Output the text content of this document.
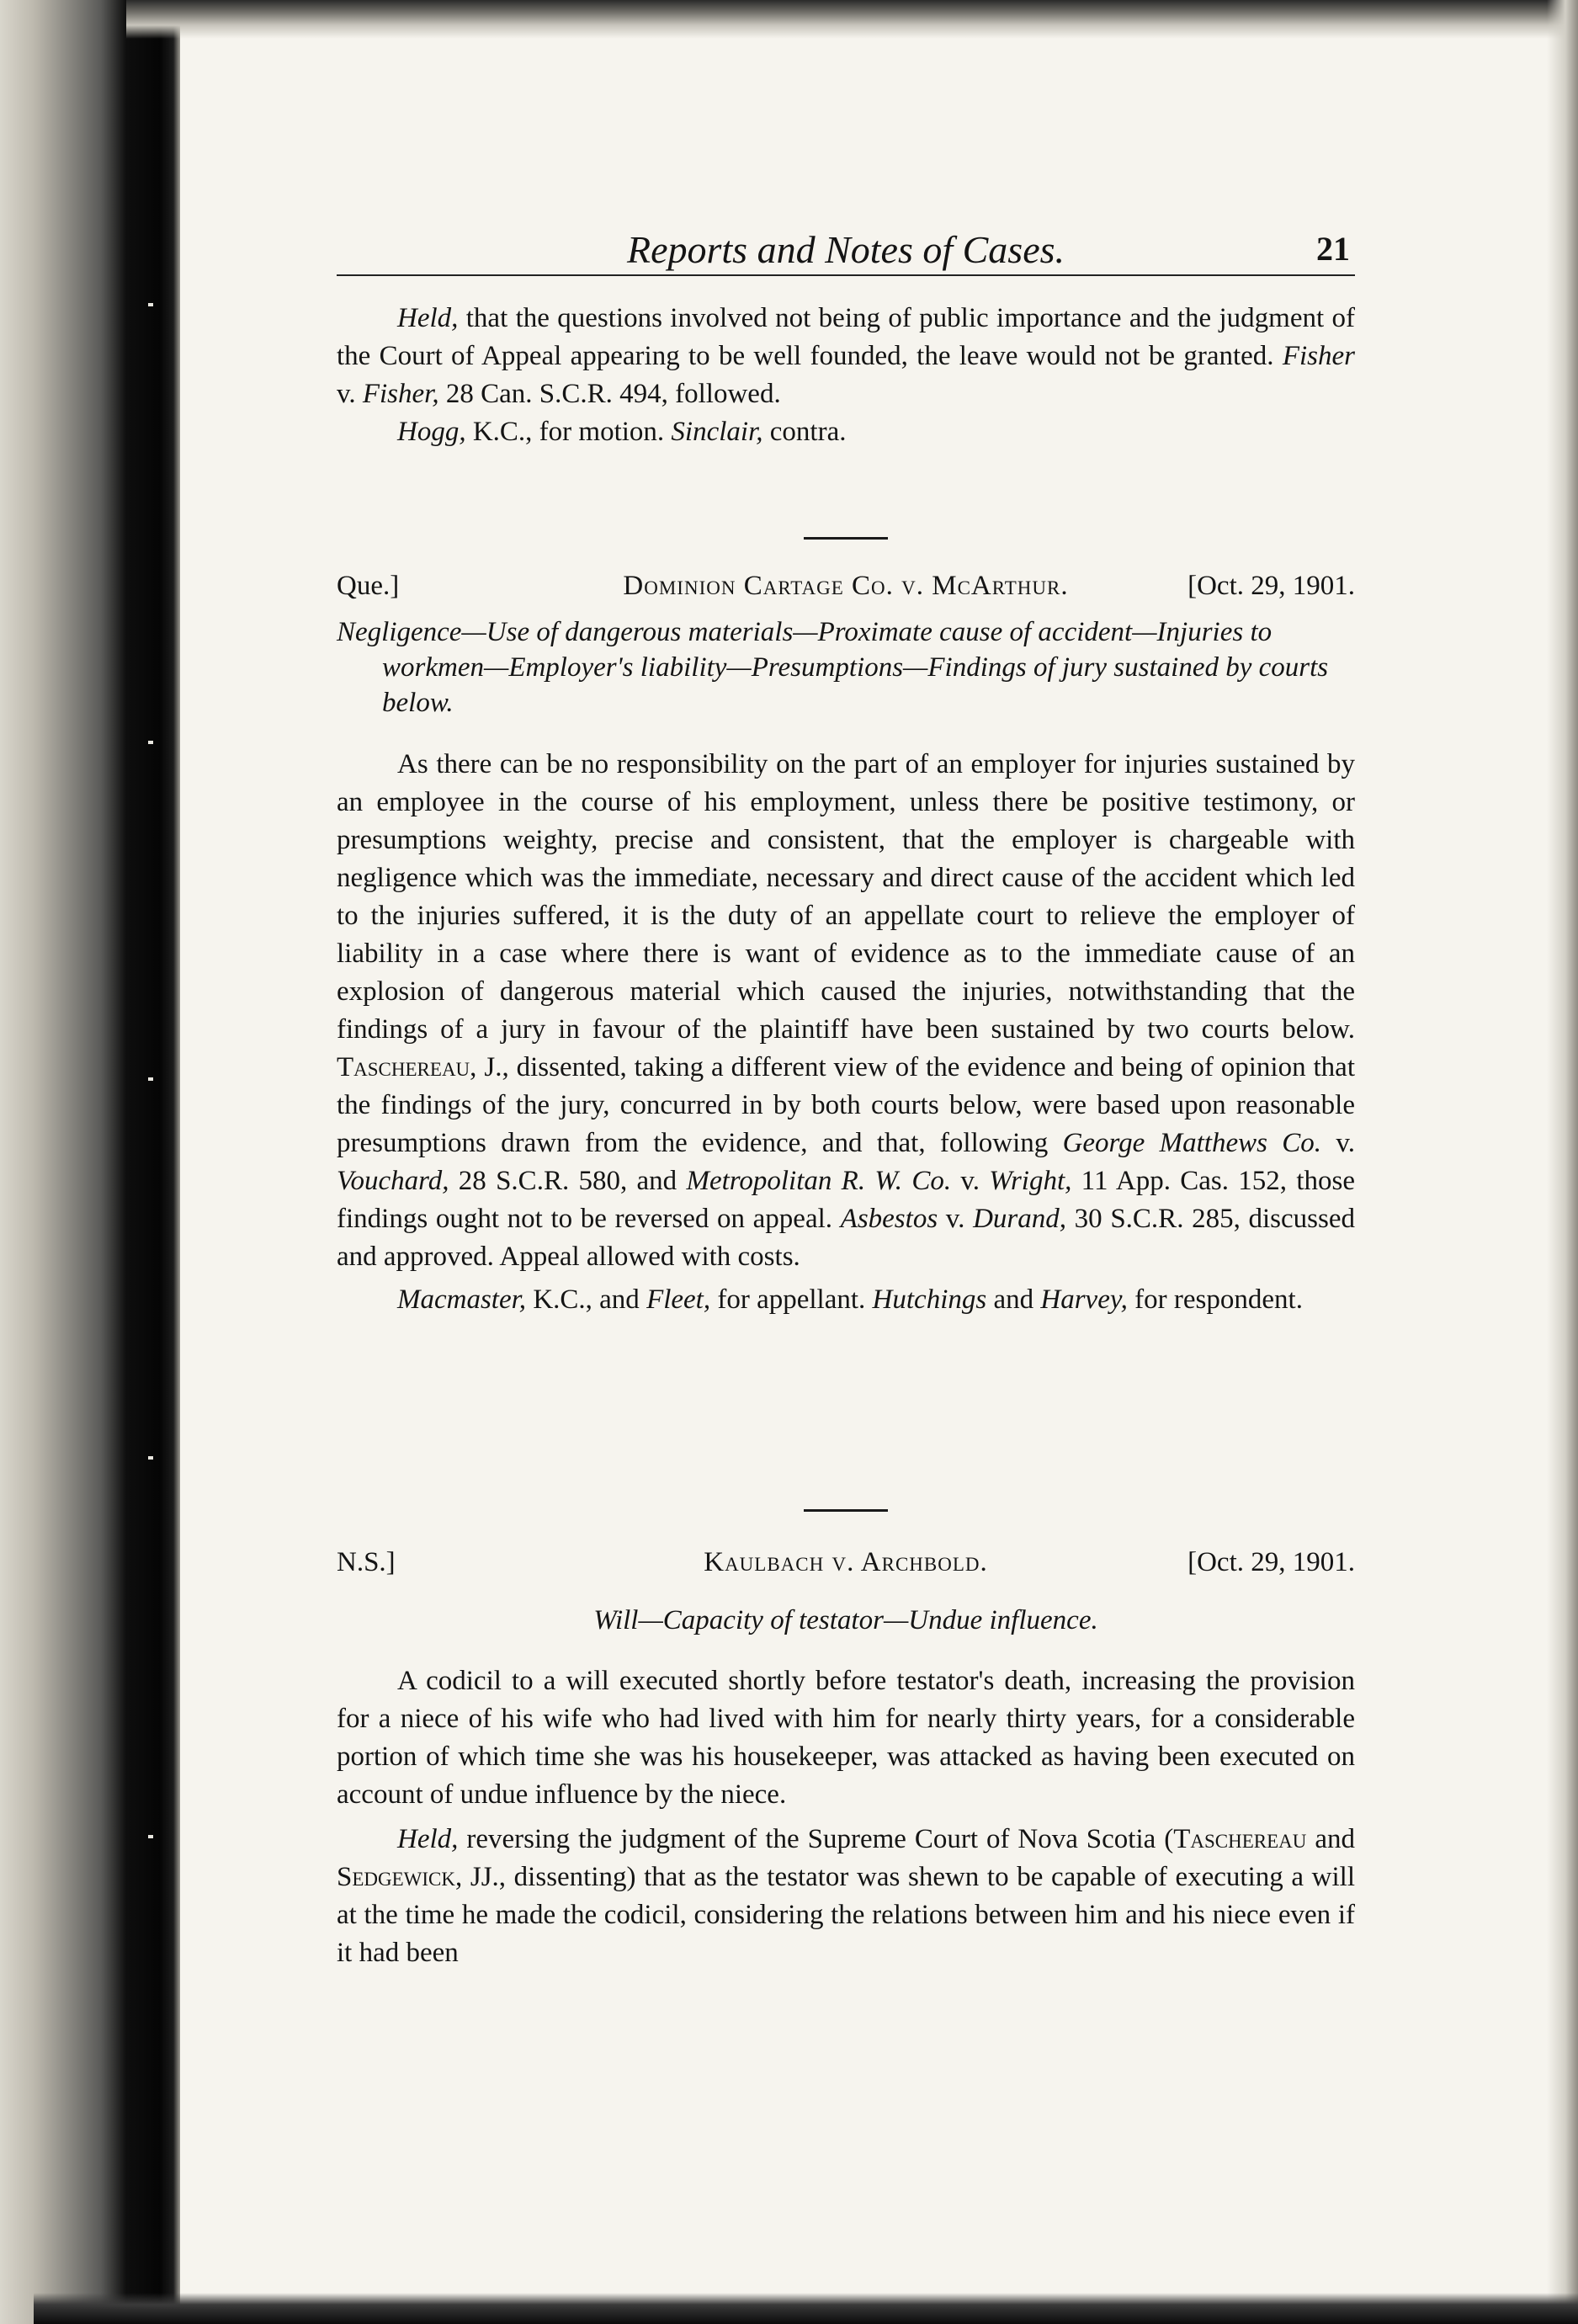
Reports and Notes of Cases.	21

Held, that the questions involved not being of public importance and the judgment of the Court of Appeal appearing to be well founded, the leave would not be granted. Fisher v. Fisher, 28 Can. S.C.R. 494, followed.

Hogg, K.C., for motion. Sinclair, contra.

Que.]	Dominion Cartage Co. v. McArthur.	[Oct. 29, 1901.

Negligence—Use of dangerous materials—Proximate cause of accident—Injuries to workmen—Employer's liability—Presumptions—Findings of jury sustained by courts below.

As there can be no responsibility on the part of an employer for injuries sustained by an employee in the course of his employment, unless there be positive testimony, or presumptions weighty, precise and consistent, that the employer is chargeable with negligence which was the immediate, necessary and direct cause of the accident which led to the injuries suffered, it is the duty of an appellate court to relieve the employer of liability in a case where there is want of evidence as to the immediate cause of an explosion of dangerous material which caused the injuries, notwithstanding that the findings of a jury in favour of the plaintiff have been sustained by two courts below. Taschereau, J., dissented, taking a different view of the evidence and being of opinion that the findings of the jury, concurred in by both courts below, were based upon reasonable presumptions drawn from the evidence, and that, following George Matthews Co. v. Vouchard, 28 S.C.R. 580, and Metropolitan R. W. Co. v. Wright, 11 App. Cas. 152, those findings ought not to be reversed on appeal. Asbestos v. Durand, 30 S.C.R. 285, discussed and approved. Appeal allowed with costs.

Macmaster, K.C., and Fleet, for appellant. Hutchings and Harvey, for respondent.

N.S.]	Kaulbach v. Archbold.	[Oct. 29, 1901.

Will—Capacity of testator—Undue influence.

A codicil to a will executed shortly before testator's death, increasing the provision for a niece of his wife who had lived with him for nearly thirty years, for a considerable portion of which time she was his housekeeper, was attacked as having been executed on account of undue influence by the niece.

Held, reversing the judgment of the Supreme Court of Nova Scotia (Taschereau and Sedgewick, JJ., dissenting) that as the testator was shewn to be capable of executing a will at the time he made the codicil, considering the relations between him and his niece even if it had been
